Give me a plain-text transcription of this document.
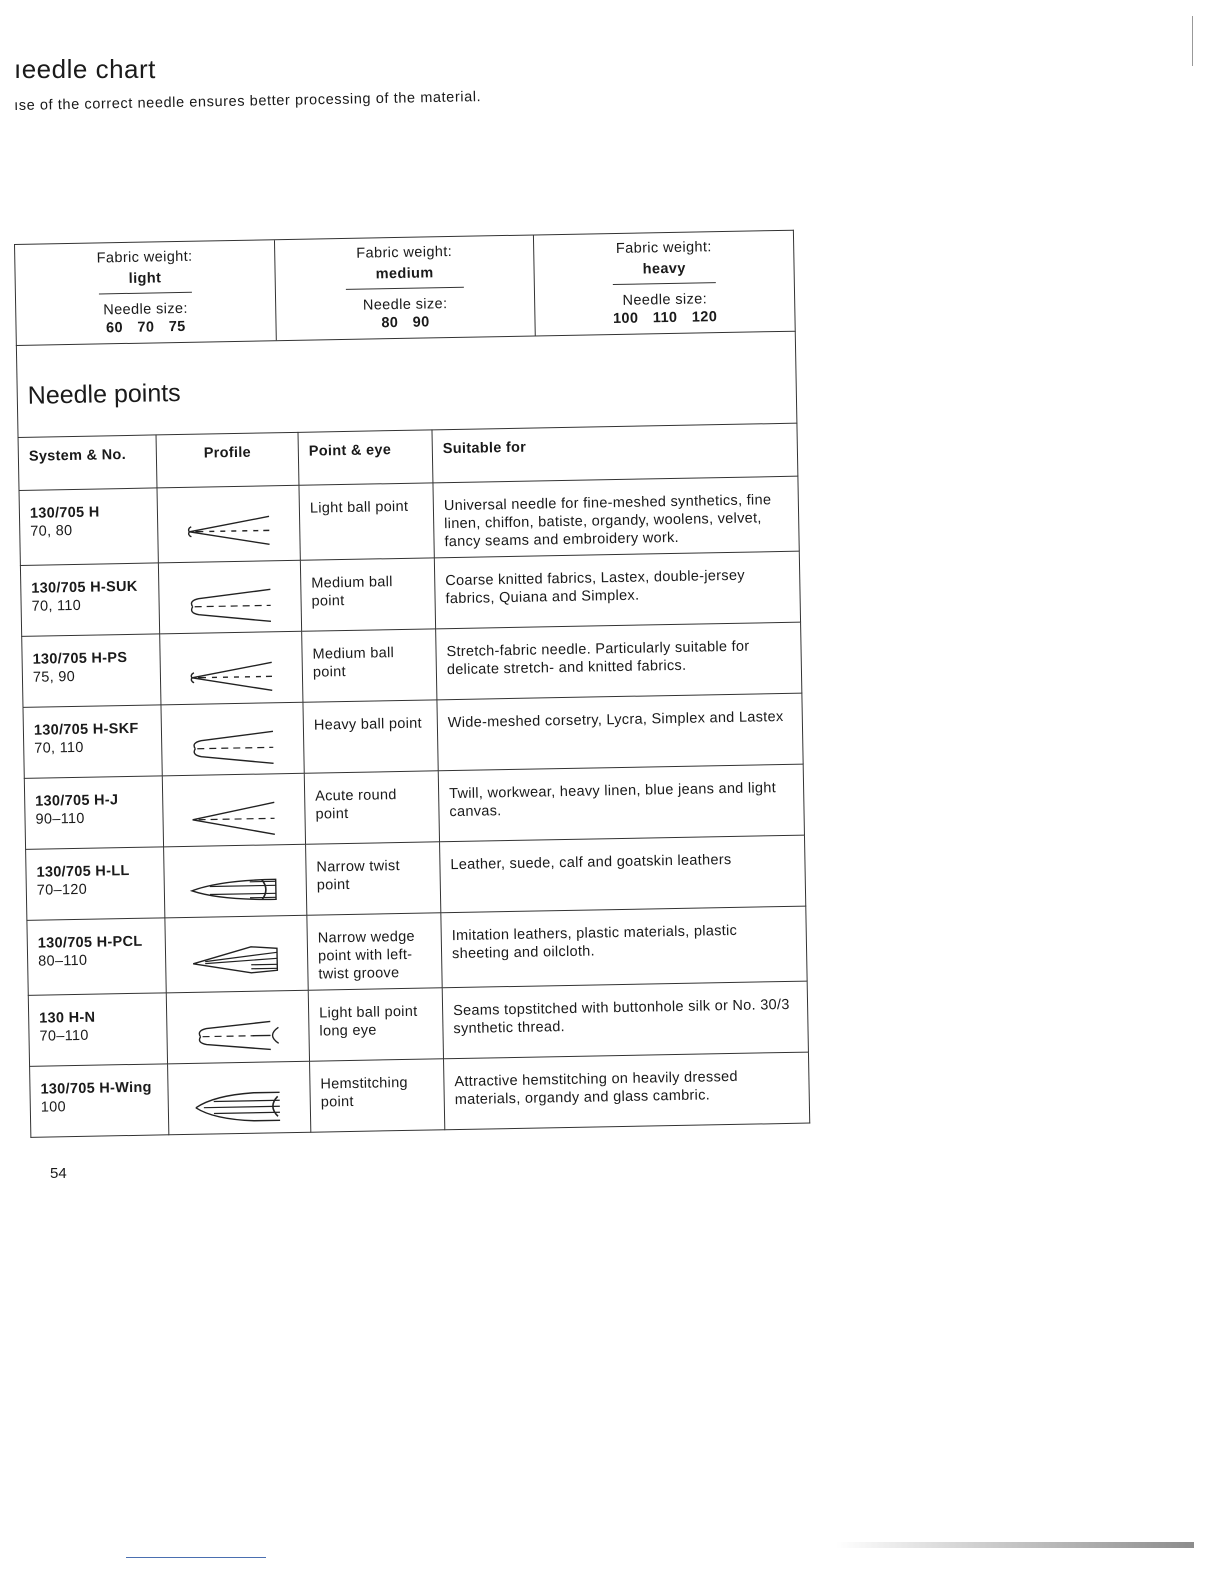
ıeedle chart
ıse of the correct needle ensures better processing of the material.
Fabric weight:
light
Needle size:
60 70 75
Fabric weight:
medium
Needle size:
80 90
Fabric weight:
heavy
Needle size:
100 110 120
Needle points
System & No.	Profile	Point & eye	Suitable for

130/705 H
70, 80		Light ball point	Universal needle for fine-meshed synthetics, fine linen, chiffon, batiste, organdy, woolens, velvet, fancy seams and embroidery work.

130/705 H-SUK
70, 110		Medium ball point	Coarse knitted fabrics, Lastex, double-jersey fabrics, Quiana and Simplex.

130/705 H-PS
75, 90		Medium ball point	Stretch-fabric needle. Particularly suitable for delicate stretch- and knitted fabrics.

130/705 H-SKF
70, 110		Heavy ball point	Wide-meshed corsetry, Lycra, Simplex and Lastex

130/705 H-J
90–110		Acute round point	Twill, workwear, heavy linen, blue jeans and light canvas.

130/705 H-LL
70–120		Narrow twist point	Leather, suede, calf and goatskin leathers

130/705 H-PCL
80–110		Narrow wedge point with left-twist groove	Imitation leathers, plastic materials, plastic sheeting and oilcloth.

130 H-N
70–110		Light ball point long eye	Seams topstitched with buttonhole silk or No. 30/3 synthetic thread.

130/705 H-Wing
100		Hemstitching point	Attractive hemstitching on heavily dressed materials, organdy and glass cambric.
54
